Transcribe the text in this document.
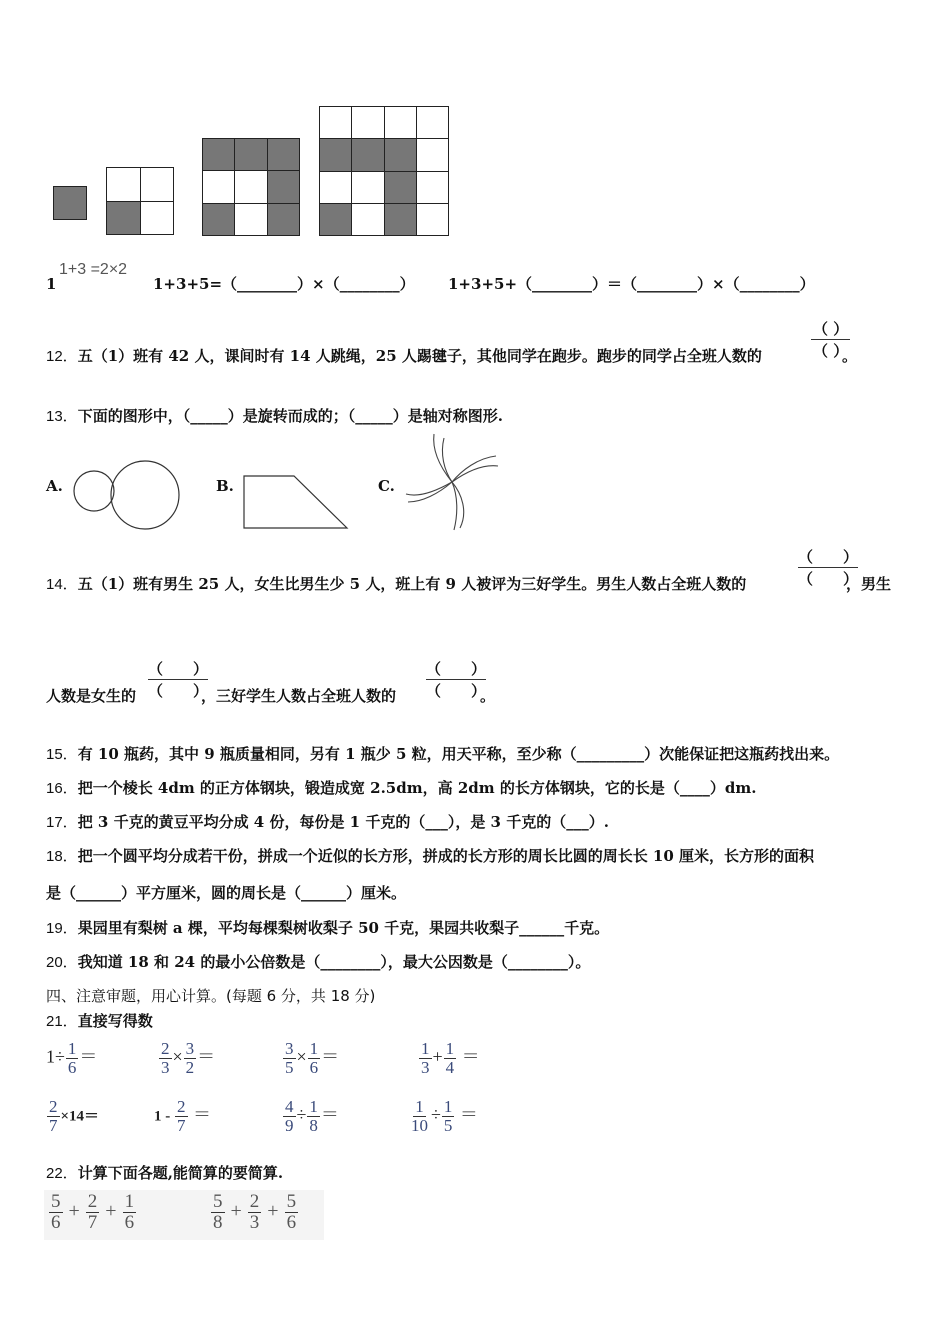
1
1+3 =2×2
1+3+5=（________）×（________） 1+3+5+（________）＝（________）×（________）
12．五（1）班有 42 人，课间时有 14 人跳绳，25 人踢毽子，其他同学在跑步。跑步的同学占全班人数的
（ ）
（ ）
。
13．下面的图形中，（_____）是旋转而成的；（_____）是轴对称图形.
A.	B.	C.
14．五（1）班有男生 25 人，女生比男生少 5 人，班上有 9 人被评为三好学生。男生人数占全班人数的
（　　）
（　　）
，男生
人数是女生的
（　　）
（　　）
，三好学生人数占全班人数的
（　　）
（　　）
。
15．有 10 瓶药，其中 9 瓶质量相同，另有 1 瓶少 5 粒，用天平称，至少称（_________）次能保证把这瓶药找出来。
16．把一个棱长 4dm 的正方体钢块，锻造成宽 2.5dm，高 2dm 的长方体钢块，它的长是（____）dm.
17．把 3 千克的黄豆平均分成 4 份，每份是 1 千克的（___），是 3 千克的（___）.
18．把一个圆平均分成若干份，拼成一个近似的长方形，拼成的长方形的周长比圆的周长长 10 厘米，长方形的面积
是（______）平方厘米，圆的周长是（______）厘米。
19．果园里有梨树 a 棵，平均每棵梨树收梨子 50 千克，果园共收梨子______千克。
20．我知道 18 和 24 的最小公倍数是（________），最大公因数是（________）。
四、注意审题，用心计算。(每题 6 分，共 18 分)
21．直接写得数
$1\div \frac{1}{6}$ ＝	$\frac{2}{3} \times \frac{3}{2}$ ＝	$\frac{3}{5} \times \frac{1}{6}$ ＝	$\frac{1}{3} + \frac{1}{4}$ ＝
$\frac{2}{7} \times 14=$	$1 - \frac{2}{7}$ ＝	$\frac{4}{9} \div \frac{1}{8}$ ＝	$\frac{1}{10} \div \frac{1}{5}$ ＝
22．计算下面各题,能简算的要简算.
$\frac{5}{6} + \frac{2}{7} + \frac{1}{6}$	$\frac{5}{8} + \frac{2}{3} + \frac{5}{6}$
